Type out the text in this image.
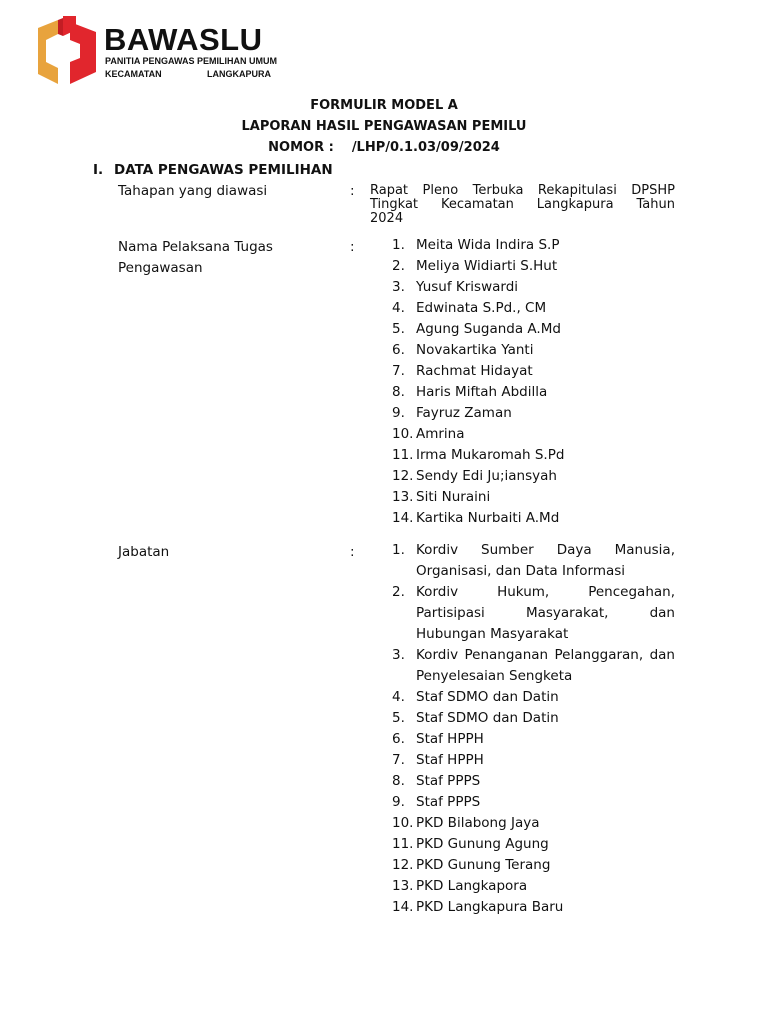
BAWASLU
PANITIA PENGAWAS PEMILIHAN UMUM
KECAMATAN	LANGKAPURA
FORMULIR MODEL A
LAPORAN HASIL PENGAWASAN PEMILU
NOMOR : /LHP/0.1.03/09/2024
I. DATA PENGAWAS PEMILIHAN
Tahapan yang diawasi	: Rapat Pleno Terbuka Rekapitulasi DPSHP
Tingkat Kecamatan Langkapura Tahun
2024
Nama Pelaksana Tugas
Pengawasan
:	1. Meita Wida Indira S.P
2. Meliya Widiarti S.Hut
3. Yusuf Kriswardi
4. Edwinata S.Pd., CM
5. Agung Suganda A.Md
6. Novakartika Yanti
7. Rachmat Hidayat
8. Haris Miftah Abdilla
9. Fayruz Zaman
10. Amrina
11. Irma Mukaromah S.Pd
12. Sendy Edi Ju;iansyah
13. Siti Nuraini
14. Kartika Nurbaiti A.Md
Jabatan	:	1. Kordiv Sumber Daya Manusia, Organisasi, dan Data Informasi
2. Kordiv Hukum, Pencegahan, Partisipasi Masyarakat, dan Hubungan Masyarakat
3. Kordiv Penanganan Pelanggaran, dan Penyelesaian Sengketa
4. Staf SDMO dan Datin
5. Staf SDMO dan Datin
6. Staf HPPH
7. Staf HPPH
8. Staf PPPS
9. Staf PPPS
10. PKD Bilabong Jaya
11. PKD Gunung Agung
12. PKD Gunung Terang
13. PKD Langkapora
14. PKD Langkapura Baru
